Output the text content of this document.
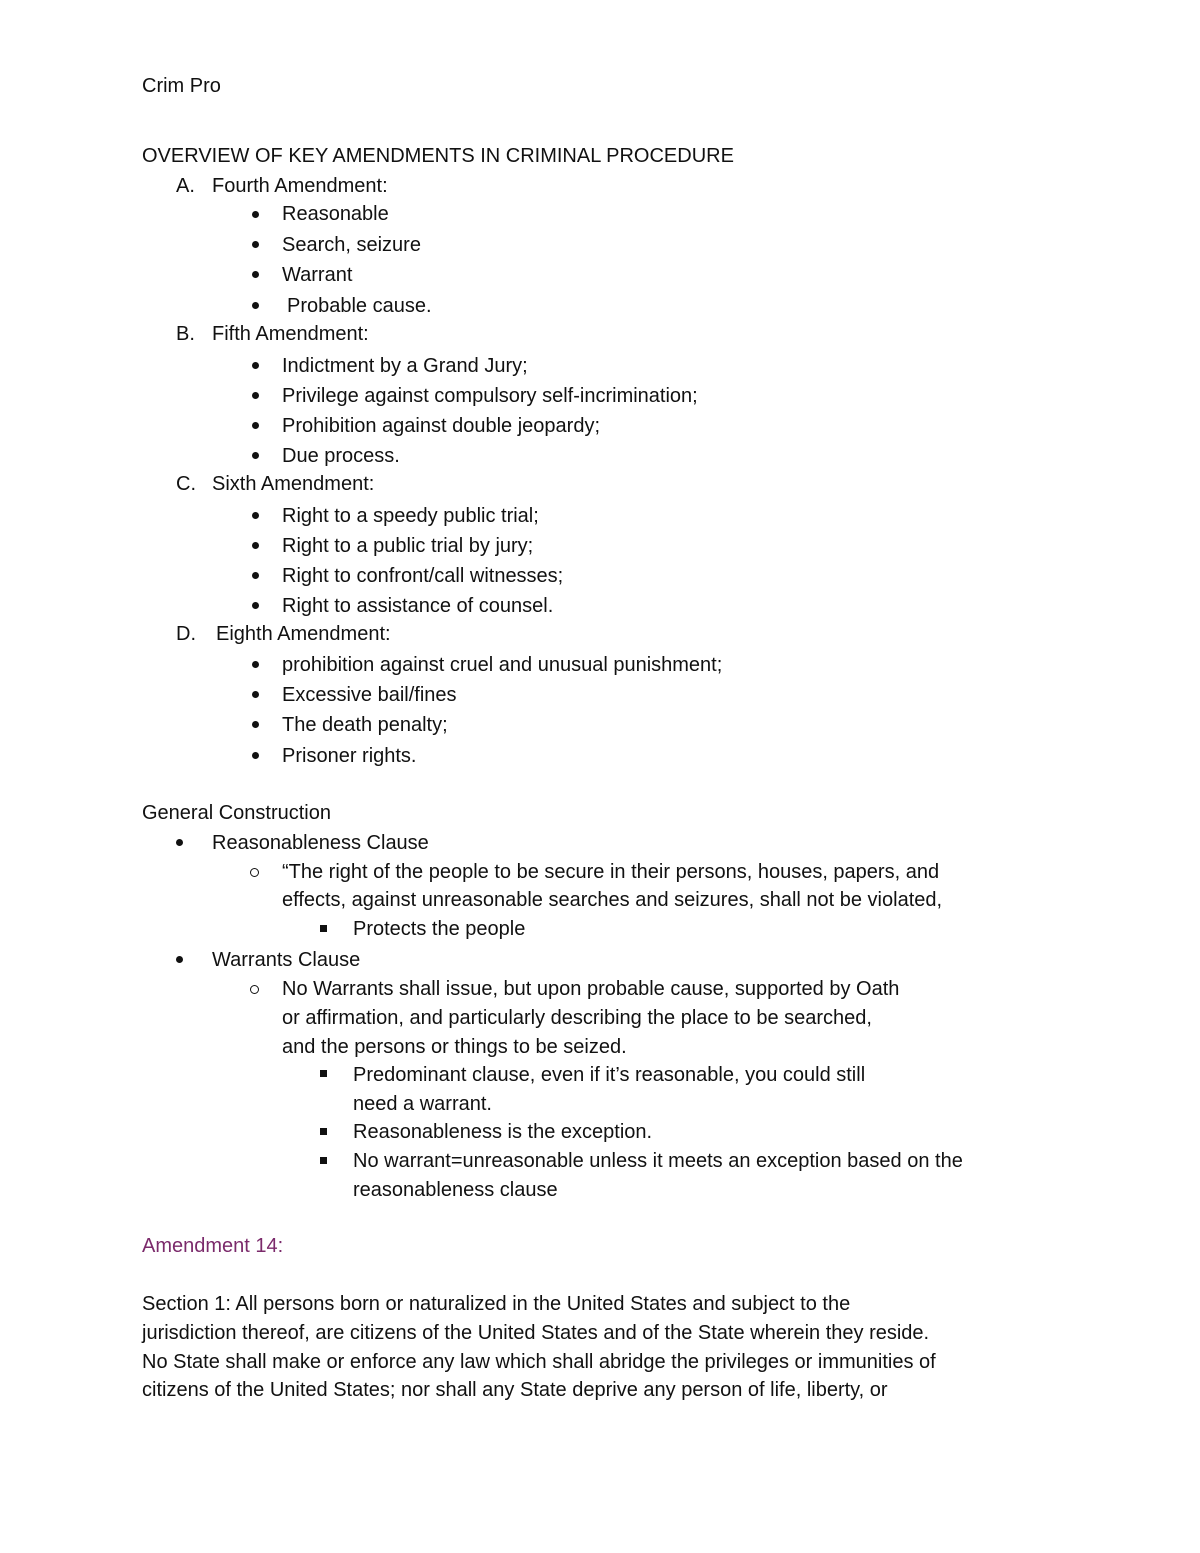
Crim Pro
OVERVIEW OF KEY AMENDMENTS IN CRIMINAL PROCEDURE
A. Fourth Amendment:
Reasonable
Search, seizure
Warrant
Probable cause.
B. Fifth Amendment:
Indictment by a Grand Jury;
Privilege against compulsory self-incrimination;
Prohibition against double jeopardy;
Due process.
C. Sixth Amendment:
Right to a speedy public trial;
Right to a public trial by jury;
Right to confront/call witnesses;
Right to assistance of counsel.
D. Eighth Amendment:
prohibition against cruel and unusual punishment;
Excessive bail/fines
The death penalty;
Prisoner rights.
General Construction
Reasonableness Clause
“The right of the people to be secure in their persons, houses, papers, and
effects, against unreasonable searches and seizures, shall not be violated,
Protects the people
Warrants Clause
No Warrants shall issue, but upon probable cause, supported by Oath
or affirmation, and particularly describing the place to be searched,
and the persons or things to be seized.
Predominant clause, even if it’s reasonable, you could still
need a warrant.
Reasonableness is the exception.
No warrant=unreasonable unless it meets an exception based on the
reasonableness clause
Amendment 14:
Section 1: All persons born or naturalized in the United States and subject to the
jurisdiction thereof, are citizens of the United States and of the State wherein they reside.
No State shall make or enforce any law which shall abridge the privileges or immunities of
citizens of the United States; nor shall any State deprive any person of life, liberty, or
